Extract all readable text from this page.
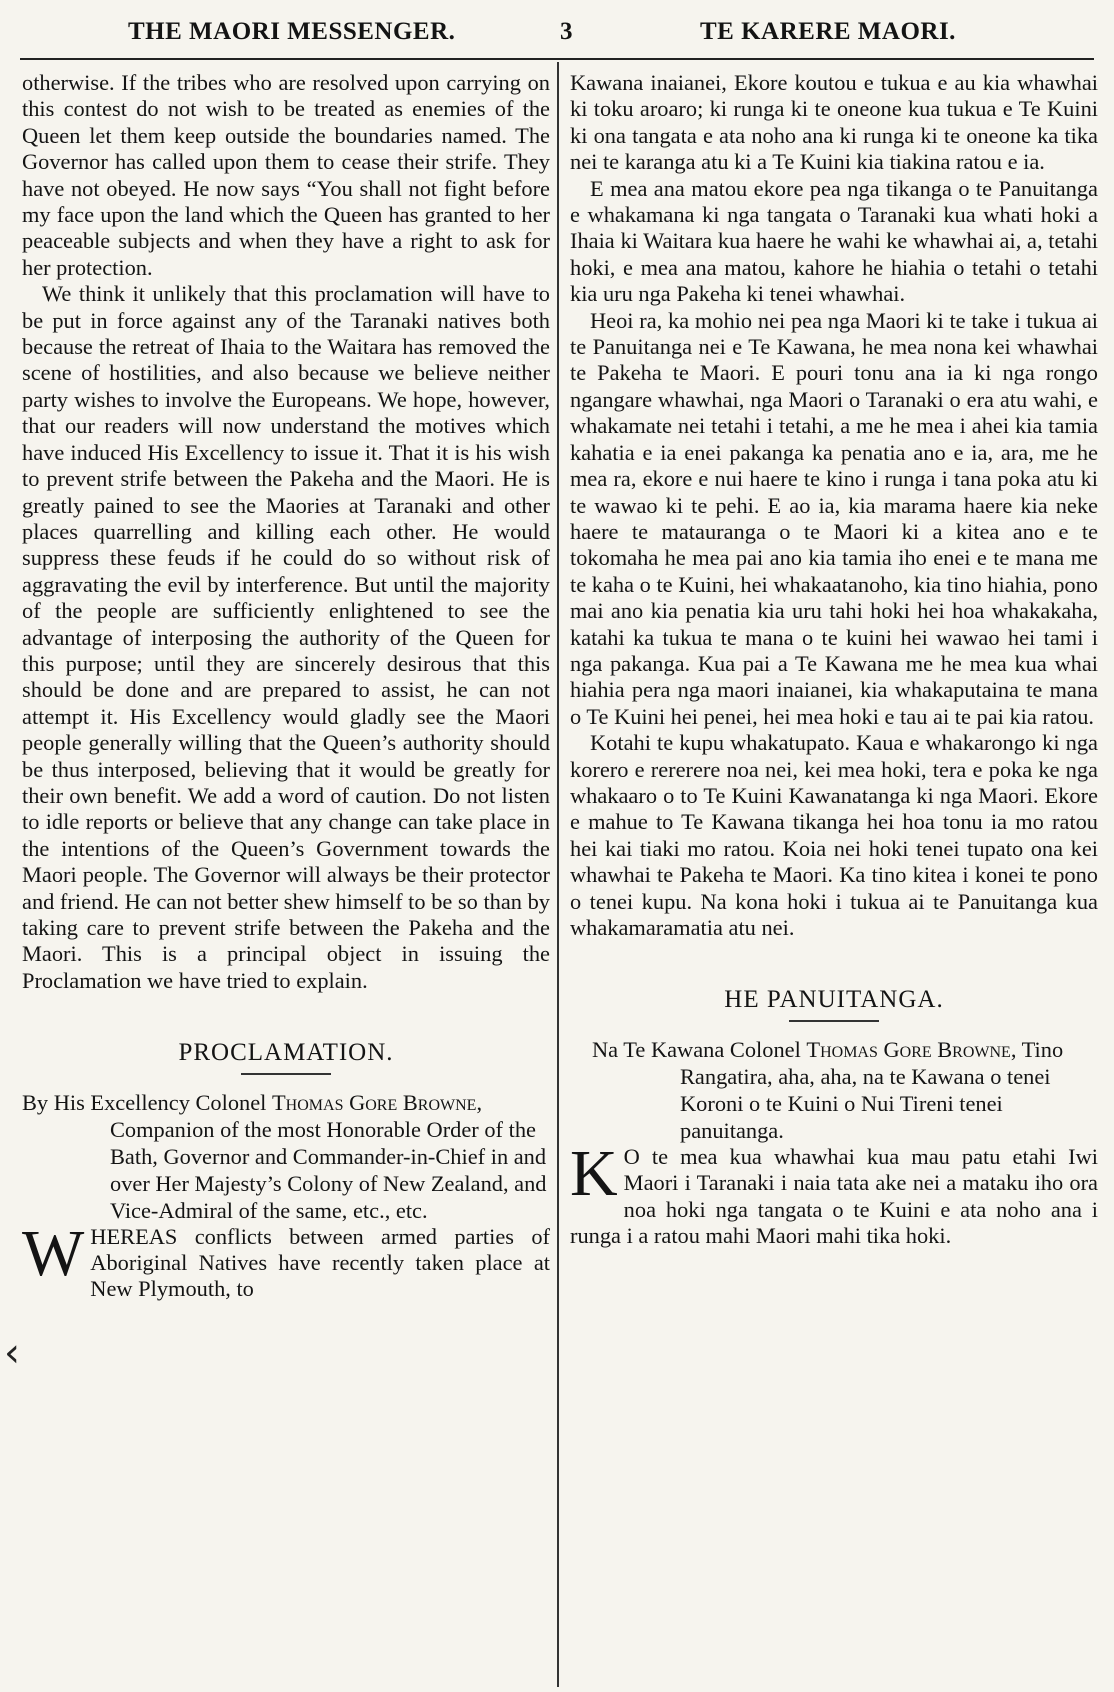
THE MAORI MESSENGER.	3	TE KARERE MAORI.
‹

otherwise. If the tribes who are resolved upon carrying on this contest do not wish to be treated as enemies of the Queen let them keep outside the boundaries named. The Governor has called upon them to cease their strife. They have not obeyed. He now says “You shall not fight before my face upon the land which the Queen has granted to her peaceable subjects and when they have a right to ask for her protection.

We think it unlikely that this proclamation will have to be put in force against any of the Taranaki natives both because the retreat of Ihaia to the Waitara has removed the scene of hostilities, and also because we believe neither party wishes to involve the Europeans. We hope, however, that our readers will now understand the motives which have induced His Excellency to issue it. That it is his wish to prevent strife between the Pakeha and the Maori. He is greatly pained to see the Maories at Taranaki and other places quarrelling and killing each other. He would suppress these feuds if he could do so without risk of aggravating the evil by interference. But until the majority of the people are sufficiently enlightened to see the advantage of interposing the authority of the Queen for this purpose; until they are sincerely desirous that this should be done and are prepared to assist, he can not attempt it. His Excellency would gladly see the Maori people generally willing that the Queen’s authority should be thus interposed, believing that it would be greatly for their own benefit. We add a word of caution. Do not listen to idle reports or believe that any change can take place in the intentions of the Queen’s Government towards the Maori people. The Governor will always be their protector and friend. He can not better shew himself to be so than by taking care to prevent strife between the Pakeha and the Maori. This is a principal object in issuing the Proclamation we have tried to explain.

PROCLAMATION.

By His Excellency Colonel Thomas Gore Browne, Companion of the most Honorable Order of the Bath, Governor and Commander-in-Chief in and over Her Majesty’s Colony of New Zealand, and Vice-Admiral of the same, etc., etc.

W HEREAS conflicts between armed parties of Aboriginal Natives have recently taken place at New Plymouth, to

Kawana inaianei, Ekore koutou e tukua e au kia whawhai ki toku aroaro; ki runga ki te oneone kua tukua e Te Kuini ki ona tangata e ata noho ana ki runga ki te oneone ka tika nei te karanga atu ki a Te Kuini kia tiakina ratou e ia.

E mea ana matou ekore pea nga tikanga o te Panuitanga e whakamana ki nga tangata o Taranaki kua whati hoki a Ihaia ki Waitara kua haere he wahi ke whawhai ai, a, tetahi hoki, e mea ana matou, kahore he hiahia o tetahi o tetahi kia uru nga Pakeha ki tenei whawhai.

Heoi ra, ka mohio nei pea nga Maori ki te take i tukua ai te Panuitanga nei e Te Kawana, he mea nona kei whawhai te Pakeha te Maori. E pouri tonu ana ia ki nga rongo ngangare whawhai, nga Maori o Taranaki o era atu wahi, e whakamate nei tetahi i tetahi, a me he mea i ahei kia tamia kahatia e ia enei pakanga ka penatia ano e ia, ara, me he mea ra, ekore e nui haere te kino i runga i tana poka atu ki te wawao ki te pehi. E ao ia, kia marama haere kia neke haere te matauranga o te Maori ki a kitea ano e te tokomaha he mea pai ano kia tamia iho enei e te mana me te kaha o te Kuini, hei whakaatanoho, kia tino hiahia, pono mai ano kia penatia kia uru tahi hoki hei hoa whakakaha, katahi ka tukua te mana o te kuini hei wawao hei tami i nga pakanga. Kua pai a Te Kawana me he mea kua whai hiahia pera nga maori inaianei, kia whakaputaina te mana o Te Kuini hei penei, hei mea hoki e tau ai te pai kia ratou.

Kotahi te kupu whakatupato. Kaua e whakarongo ki nga korero e rererere noa nei, kei mea hoki, tera e poka ke nga whakaaro o to Te Kuini Kawanatanga ki nga Maori. Ekore e mahue to Te Kawana tikanga hei hoa tonu ia mo ratou hei kai tiaki mo ratou. Koia nei hoki tenei tupato ona kei whawhai te Pakeha te Maori. Ka tino kitea i konei te pono o tenei kupu. Na kona hoki i tukua ai te Panuitanga kua whakamaramatia atu nei.

HE PANUITANGA.

Na Te Kawana Colonel Thomas Gore Browne, Tino Rangatira, aha, aha, na te Kawana o tenei Koroni o te Kuini o Nui Tireni tenei panuitanga.

K O te mea kua whawhai kua mau patu etahi Iwi Maori i Taranaki i naia tata ake nei a mataku iho ora noa hoki nga tangata o te Kuini e ata noho ana i runga i a ratou mahi Maori mahi tika hoki.
